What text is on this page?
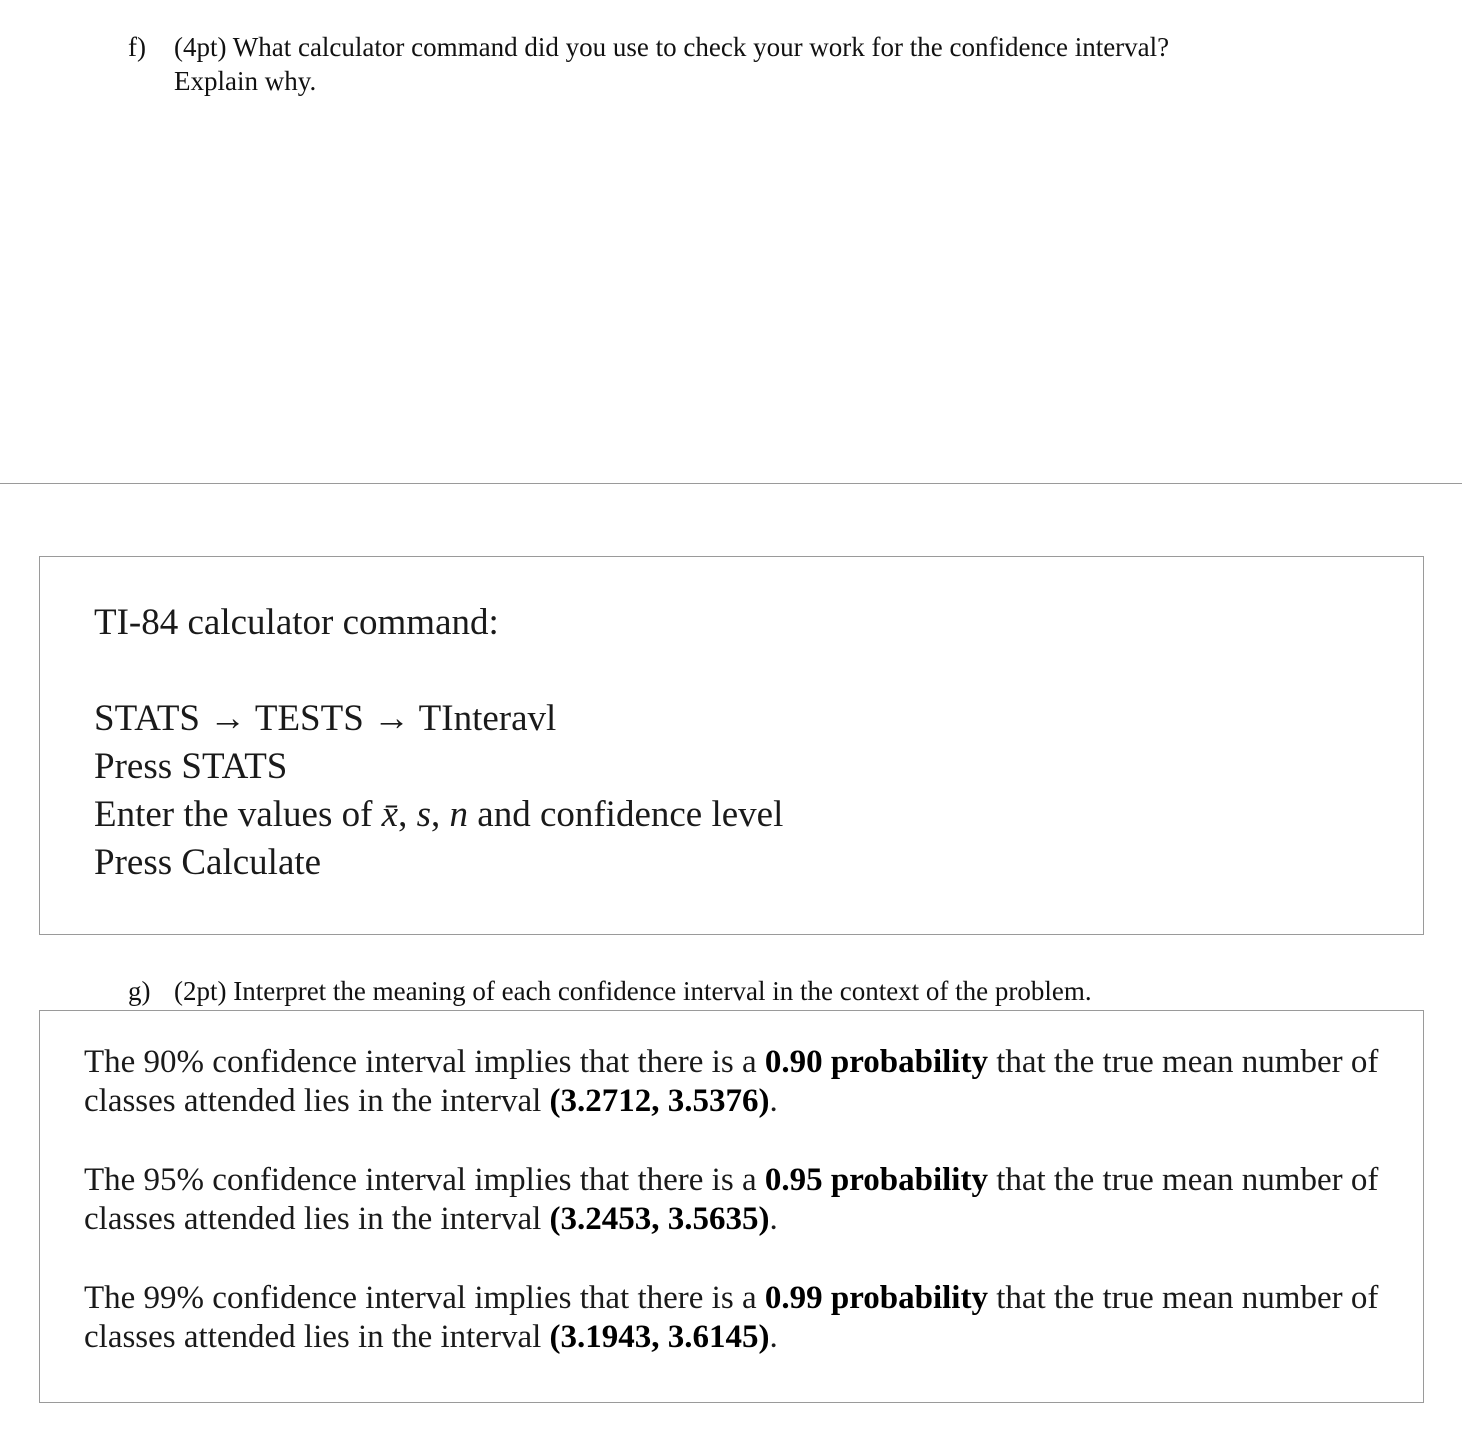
f) (4pt) What calculator command did you use to check your work for the confidence interval?
Explain why.
TI-84 calculator command:
STATS → TESTS → TInteravl
Press STATS
Enter the values of x̄, s, n and confidence level
Press Calculate
g) (2pt) Interpret the meaning of each confidence interval in the context of the problem.
The 90% confidence interval implies that there is a 0.90 probability that the true mean number of classes attended lies in the interval (3.2712, 3.5376).
The 95% confidence interval implies that there is a 0.95 probability that the true mean number of classes attended lies in the interval (3.2453, 3.5635).
The 99% confidence interval implies that there is a 0.99 probability that the true mean number of classes attended lies in the interval (3.1943, 3.6145).
